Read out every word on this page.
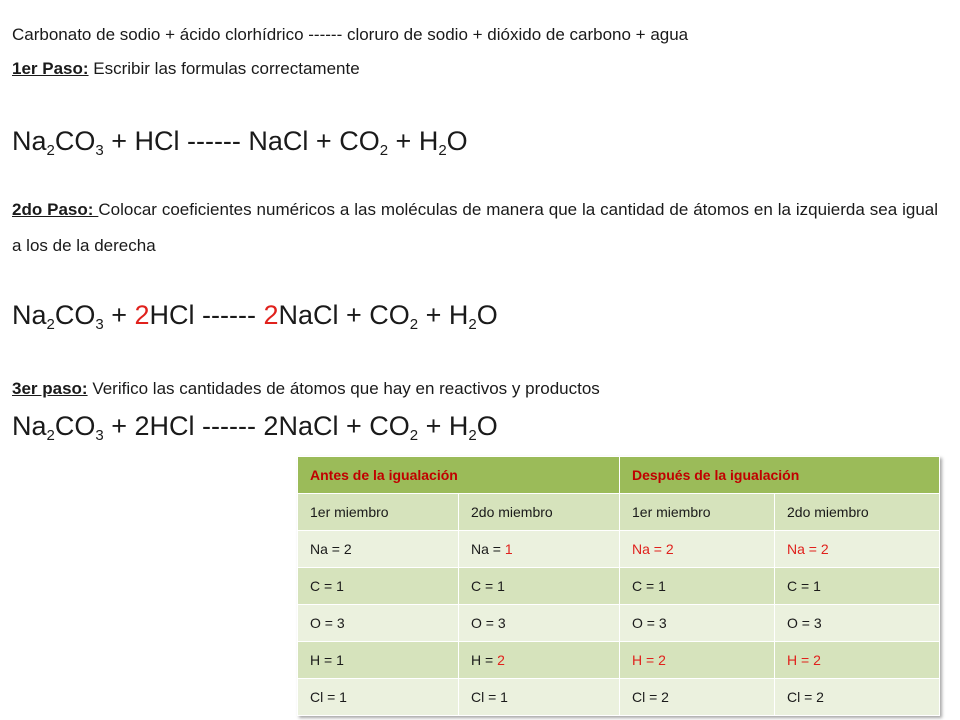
Carbonato de sodio + ácido clorhídrico ------ cloruro de sodio + dióxido de carbono + agua
1er Paso: Escribir las formulas correctamente
$Na_2CO_3$ + HCl ------ NaCl + $CO_2 + H_2O$
2do Paso: Colocar coeficientes numéricos a las moléculas de manera que la cantidad de átomos en la izquierda sea igual a los de la derecha
$Na_2CO_3 + 2HCl$ ------ 2NaCl + $CO_2 + H_2O$
3er paso: Verifico las cantidades de átomos que hay en reactivos y productos
$Na_2CO_3 + 2HCl$ ------ 2NaCl + $CO_2 + H_2O$
Antes de la igualación		Después de la igualación	
1er miembro	2do miembro	1er miembro	2do miembro
Na = 2	Na = 1	Na = 2	Na = 2
C = 1	C = 1	C = 1	C = 1
O = 3	O = 3	O = 3	O = 3
H = 1	H = 2	H = 2	H = 2
Cl = 1	Cl = 1	Cl = 2	Cl = 2
